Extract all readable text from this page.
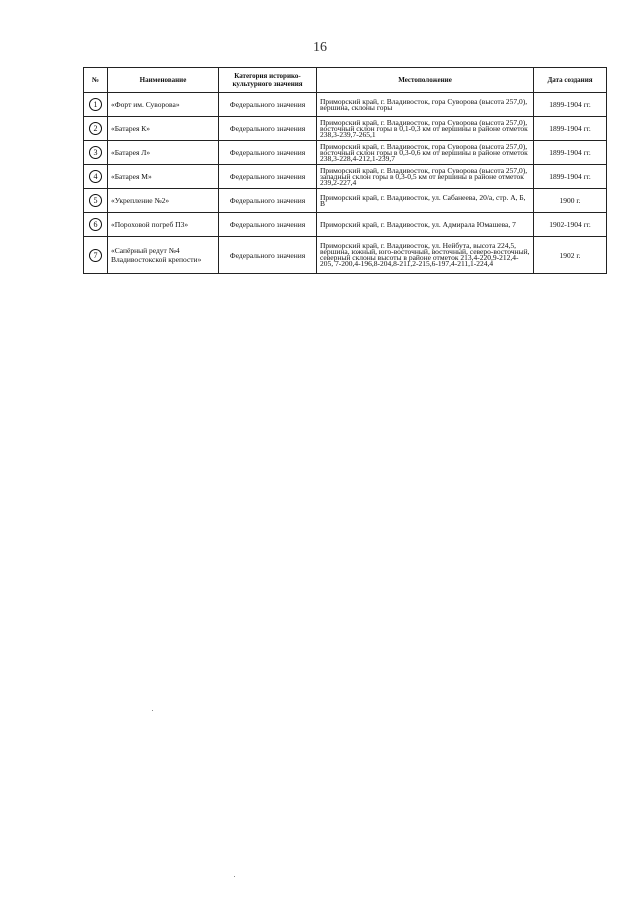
16
№	Наименование	Категория историко-культурного значения	Местоположение	Дата создания
1	«Форт им. Суворова»	Федерального значения	Приморский край, г. Владивосток, гора Суворова (высота 257,0), вершина, склоны горы	1899-1904 гг.
2	«Батарея К»	Федерального значения	Приморский край, г. Владивосток, гора Суворова (высота 257,0), восточный склон горы в 0,1-0,3 км от вершины в районе отметок 238,3-239,7-265,1	1899-1904 гг.
3	«Батарея Л»	Федерального значения	Приморский край, г. Владивосток, гора Суворова (высота 257,0), восточный склон горы в 0,3-0,6 км от вершины в районе отметок 238,3-228,4-212,1-239,7	1899-1904 гг.
4	«Батарея М»	Федерального значения	Приморский край, г. Владивосток, гора Суворова (высота 257,0), западный склон горы в 0,3-0,5 км от вершины в районе отметок 239,2-227,4	1899-1904 гг.
5	«Укрепление №2»	Федерального значения	Приморский край, г. Владивосток, ул. Сабанеева, 20/а, стр. А, Б, В	1900 г.
6	«Пороховой погреб П3»	Федерального значения	Приморский край, г. Владивосток, ул. Адмирала Юмашева, 7	1902-1904 гг.
7	«Сапёрный редут №4 Владивостокской крепости»	Федерального значения	Приморский край, г. Владивосток, ул. Нейбута, высота 224,5, вершина, южный, юго-восточный, восточный, северо-восточный, северный склоны высоты в районе отметок 213,4-220,9-212,4-205, 7-200,4-196,8-204,8-211,2-215,6-197,4-211,1-224,4	1902 г.
